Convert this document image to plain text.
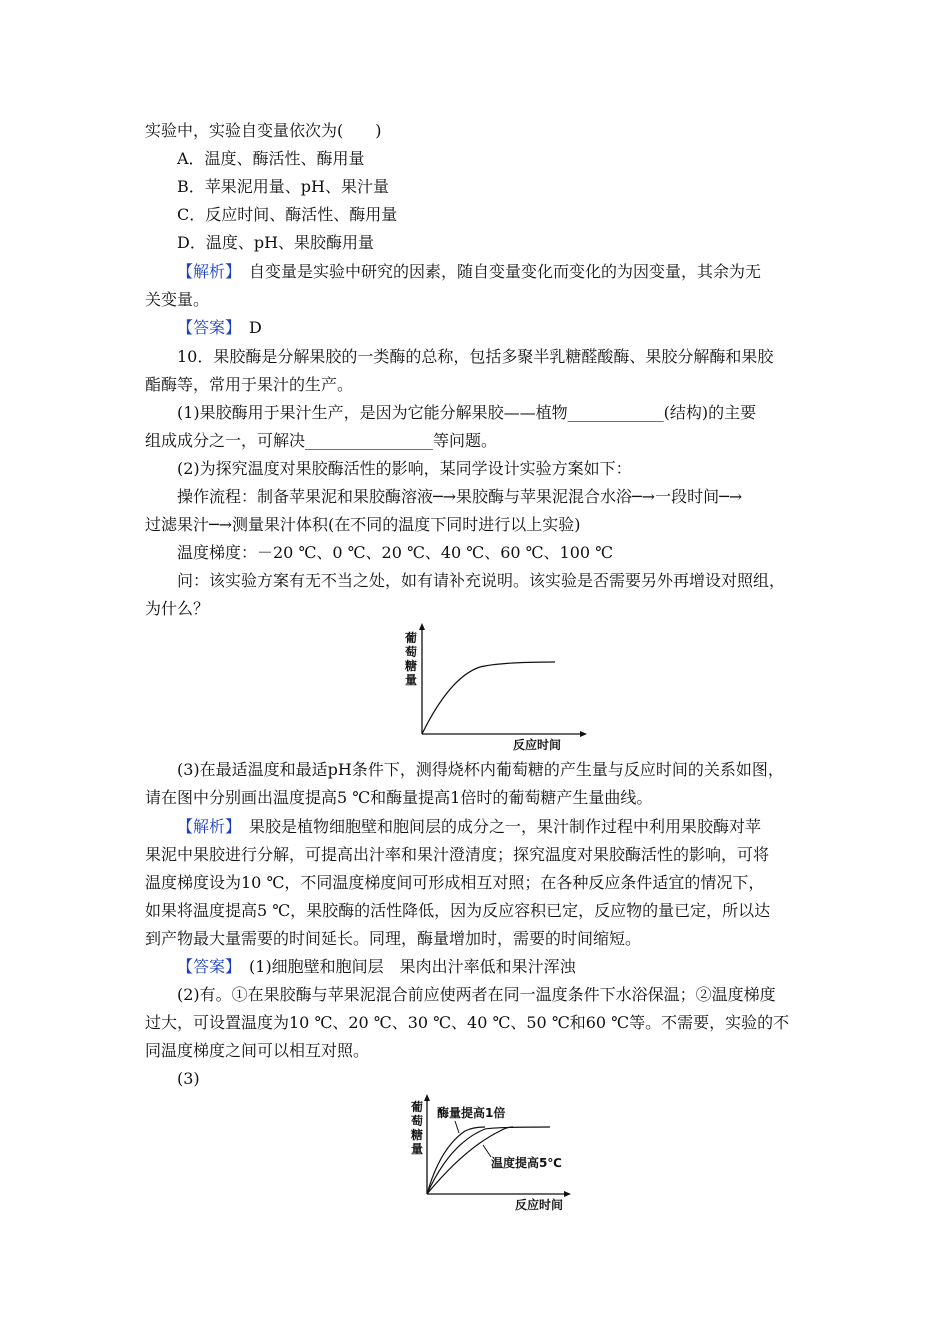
实验中，实验自变量依次为(　　)
A．温度、酶活性、酶用量
B．苹果泥用量、pH、果汁量
C．反应时间、酶活性、酶用量
D．温度、pH、果胶酶用量
【解析】　自变量是实验中研究的因素，随自变量变化而变化的为因变量，其余为无
关变量。
【答案】　D
10．果胶酶是分解果胶的一类酶的总称，包括多聚半乳糖醛酸酶、果胶分解酶和果胶
酯酶等，常用于果汁的生产。
(1)果胶酶用于果汁生产，是因为它能分解果胶——植物____________(结构)的主要
组成成分之一，可解决________________等问题。
(2)为探究温度对果胶酶活性的影响，某同学设计实验方案如下：
操作流程：制备苹果泥和果胶酶溶液─→果胶酶与苹果泥混合水浴─→一段时间─→
过滤果汁─→测量果汁体积(在不同的温度下同时进行以上实验)
温度梯度：－20 ℃、0 ℃、20 ℃、40 ℃、60 ℃、100 ℃
问：该实验方案有无不当之处，如有请补充说明。该实验是否需要另外再增设对照组，
为什么？
葡
萄
糖
量
反应时间
(3)在最适温度和最适pH条件下，测得烧杯内葡萄糖的产生量与反应时间的关系如图，
请在图中分别画出温度提高5 ℃和酶量提高1倍时的葡萄糖产生量曲线。
【解析】　果胶是植物细胞壁和胞间层的成分之一，果汁制作过程中利用果胶酶对苹
果泥中果胶进行分解，可提高出汁率和果汁澄清度；探究温度对果胶酶活性的影响，可将
温度梯度设为10 ℃，不同温度梯度间可形成相互对照；在各种反应条件适宜的情况下，
如果将温度提高5 ℃，果胶酶的活性降低，因为反应容积已定，反应物的量已定，所以达
到产物最大量需要的时间延长。同理，酶量增加时，需要的时间缩短。
【答案】　(1)细胞壁和胞间层　果肉出汁率低和果汁浑浊
(2)有。①在果胶酶与苹果泥混合前应使两者在同一温度条件下水浴保温；②温度梯度
过大，可设置温度为10 ℃、20 ℃、30 ℃、40 ℃、50 ℃和60 ℃等。不需要，实验的不
同温度梯度之间可以相互对照。
(3)
葡
萄
糖
量
酶量提高1倍
温度提高5℃
反应时间
